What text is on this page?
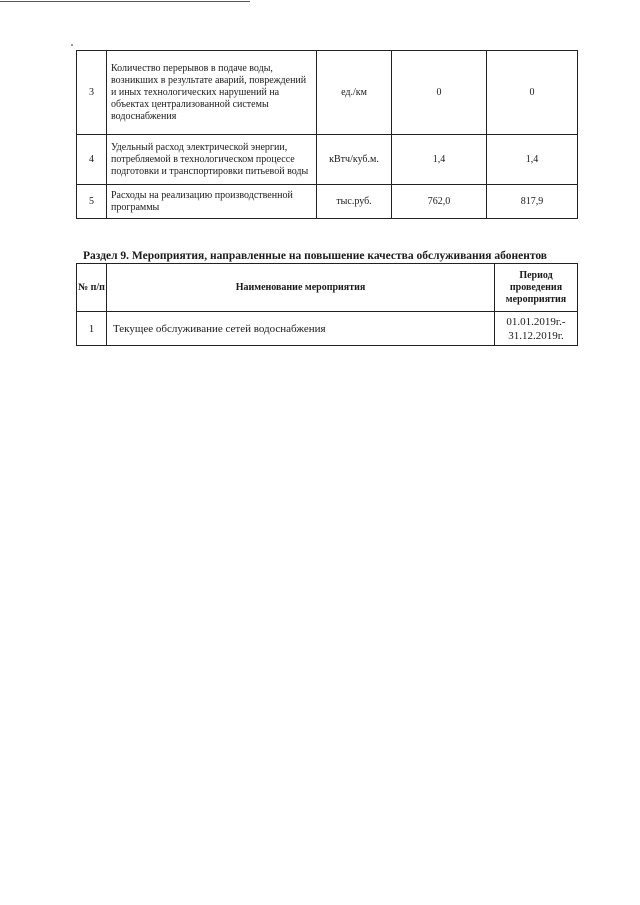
3	Количество перерывов в подаче воды, возникших в результате аварий, повреждений и иных технологических нарушений на объектах централизованной системы водоснабжения	ед./км	0	0
4	Удельный расход электрической энергии, потребляемой в технологическом процессе подготовки и транспортировки питьевой воды	кВтч/куб.м.	1,4	1,4
5	Расходы на реализацию производственной программы	тыс.руб.	762,0	817,9
Раздел 9. Мероприятия, направленные на повышение качества обслуживания абонентов
№ п/п	Наименование мероприятия	Период проведения мероприятия
1	Текущее обслуживание сетей водоснабжения	01.01.2019г.- 31.12.2019г.
